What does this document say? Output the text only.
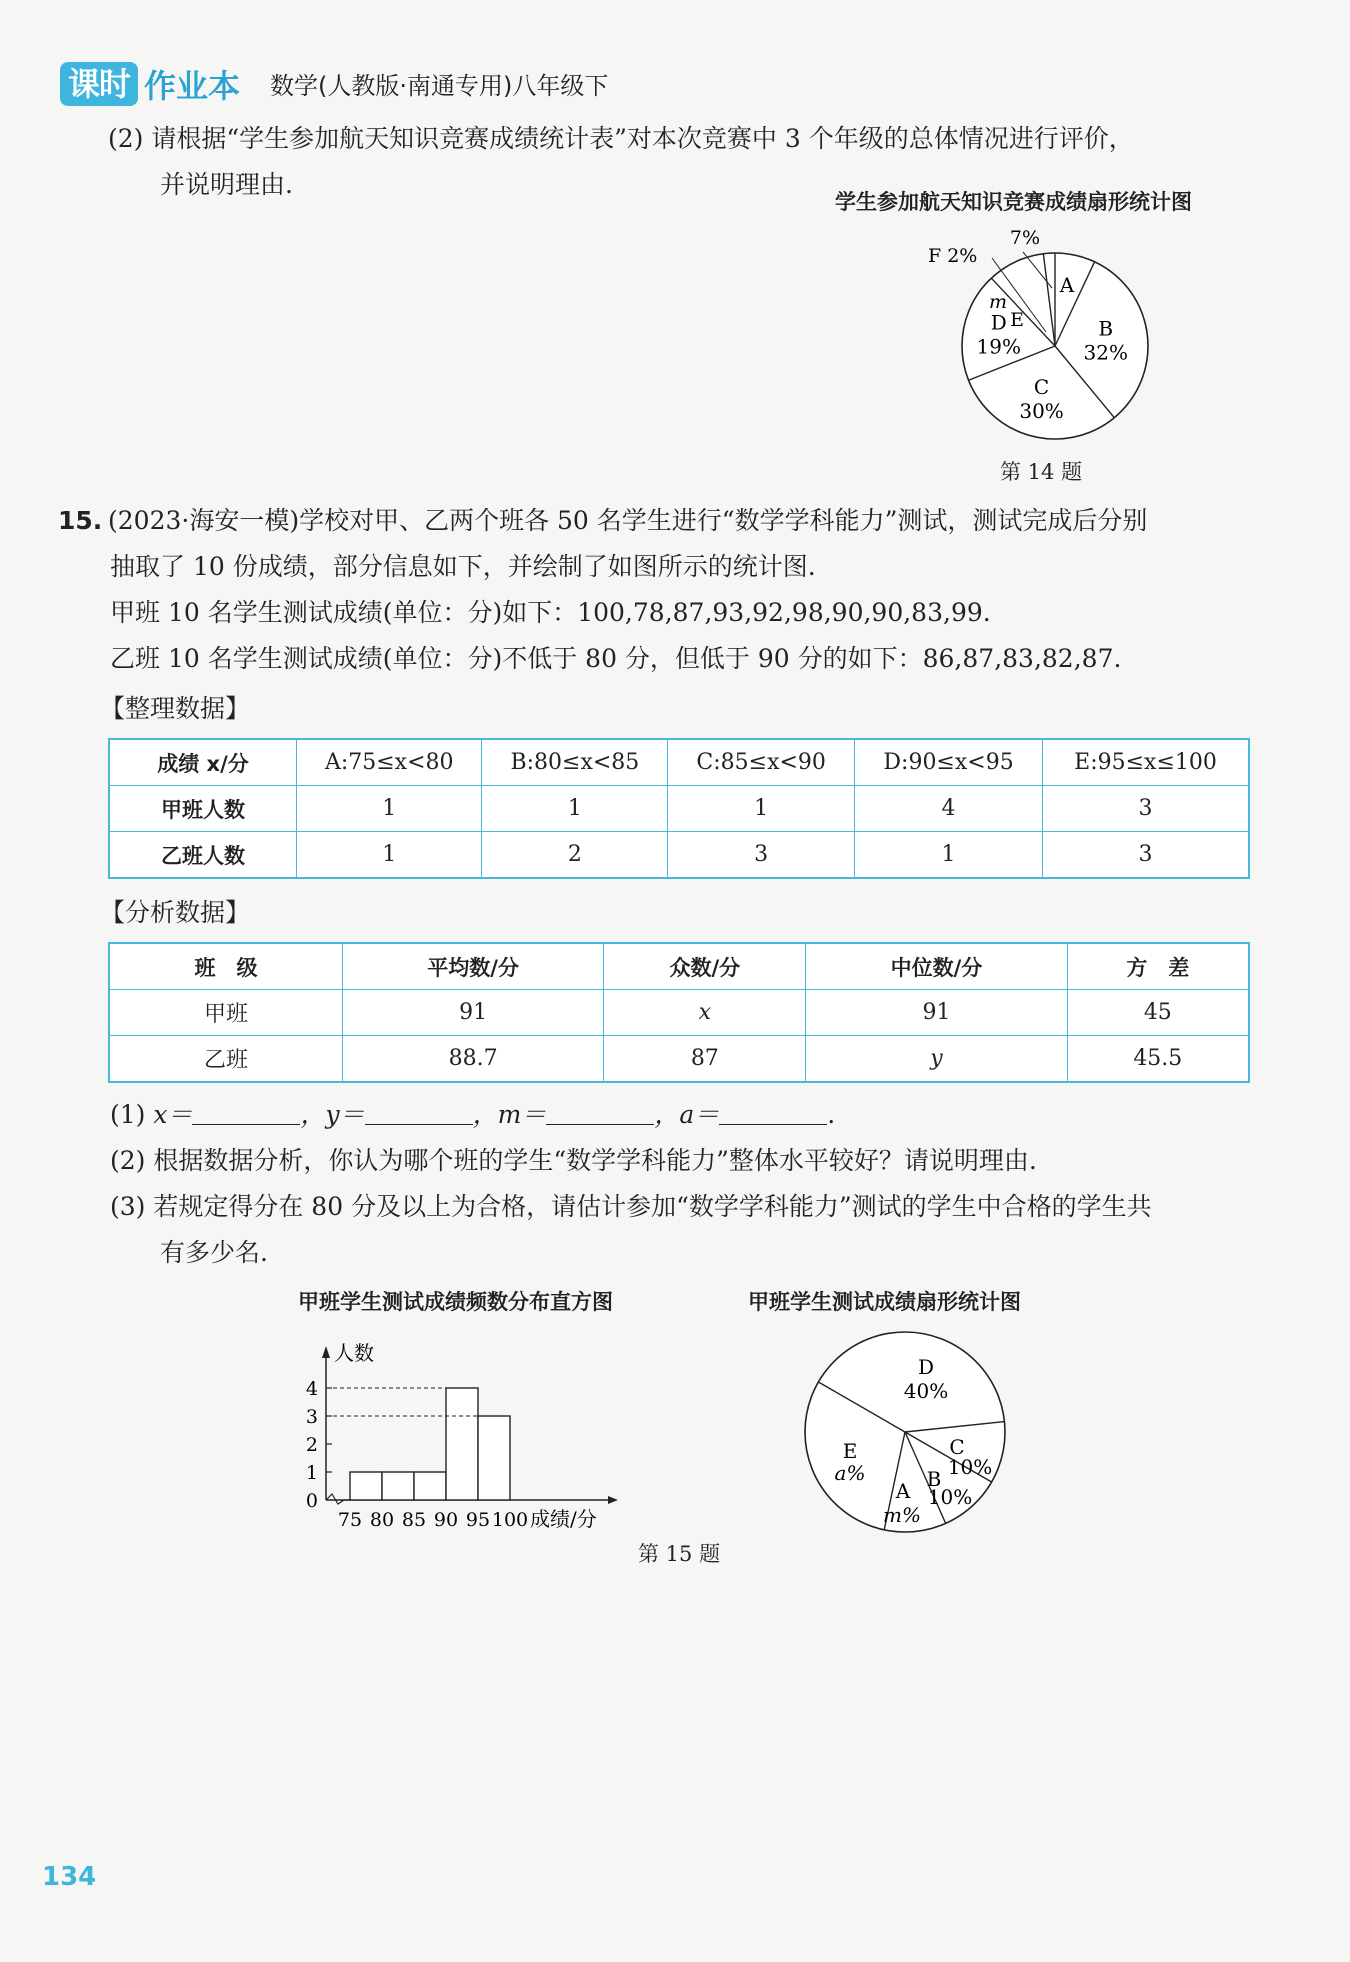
课时 作业本 数学(人教版·南通专用)八年级下
(2) 请根据“学生参加航天知识竞赛成绩统计表”对本次竞赛中 3 个年级的总体情况进行评价，
并说明理由.
学生参加航天知识竞赛成绩扇形统计图
B
32%
C
30%
D
19%
A
7%
E
m
F 2%
第 14 题
15. (2023·海安一模)学校对甲、乙两个班各 50 名学生进行“数学学科能力”测试，测试完成后分别
抽取了 10 份成绩，部分信息如下，并绘制了如图所示的统计图.
甲班 10 名学生测试成绩(单位：分)如下：100,78,87,93,92,98,90,90,83,99.
乙班 10 名学生测试成绩(单位：分)不低于 80 分，但低于 90 分的如下：86,87,83,82,87.
【整理数据】
成绩 x/分	A:75≤x<80	B:80≤x<85	C:85≤x<90	D:90≤x<95	E:95≤x≤100
甲班人数	1	1	1	4	3
乙班人数	1	2	3	1	3
【分析数据】
班　级	平均数/分	众数/分	中位数/分	方　差
甲班	91	x	91	45
乙班	88.7	87	y	45.5
(1) x＝	，y＝	，m＝	，a＝	.
(2) 根据数据分析，你认为哪个班的学生“数学学科能力”整体水平较好？请说明理由.
(3) 若规定得分在 80 分及以上为合格，请估计参加“数学学科能力”测试的学生中合格的学生共
有多少名.
甲班学生测试成绩频数分布直方图	甲班学生测试成绩扇形统计图
人数
0
1
2
3
4
75 80 85 90 95 100 成绩/分
D
40%
C
10%
B
10%
A
m%
E
a%
第 15 题
134
